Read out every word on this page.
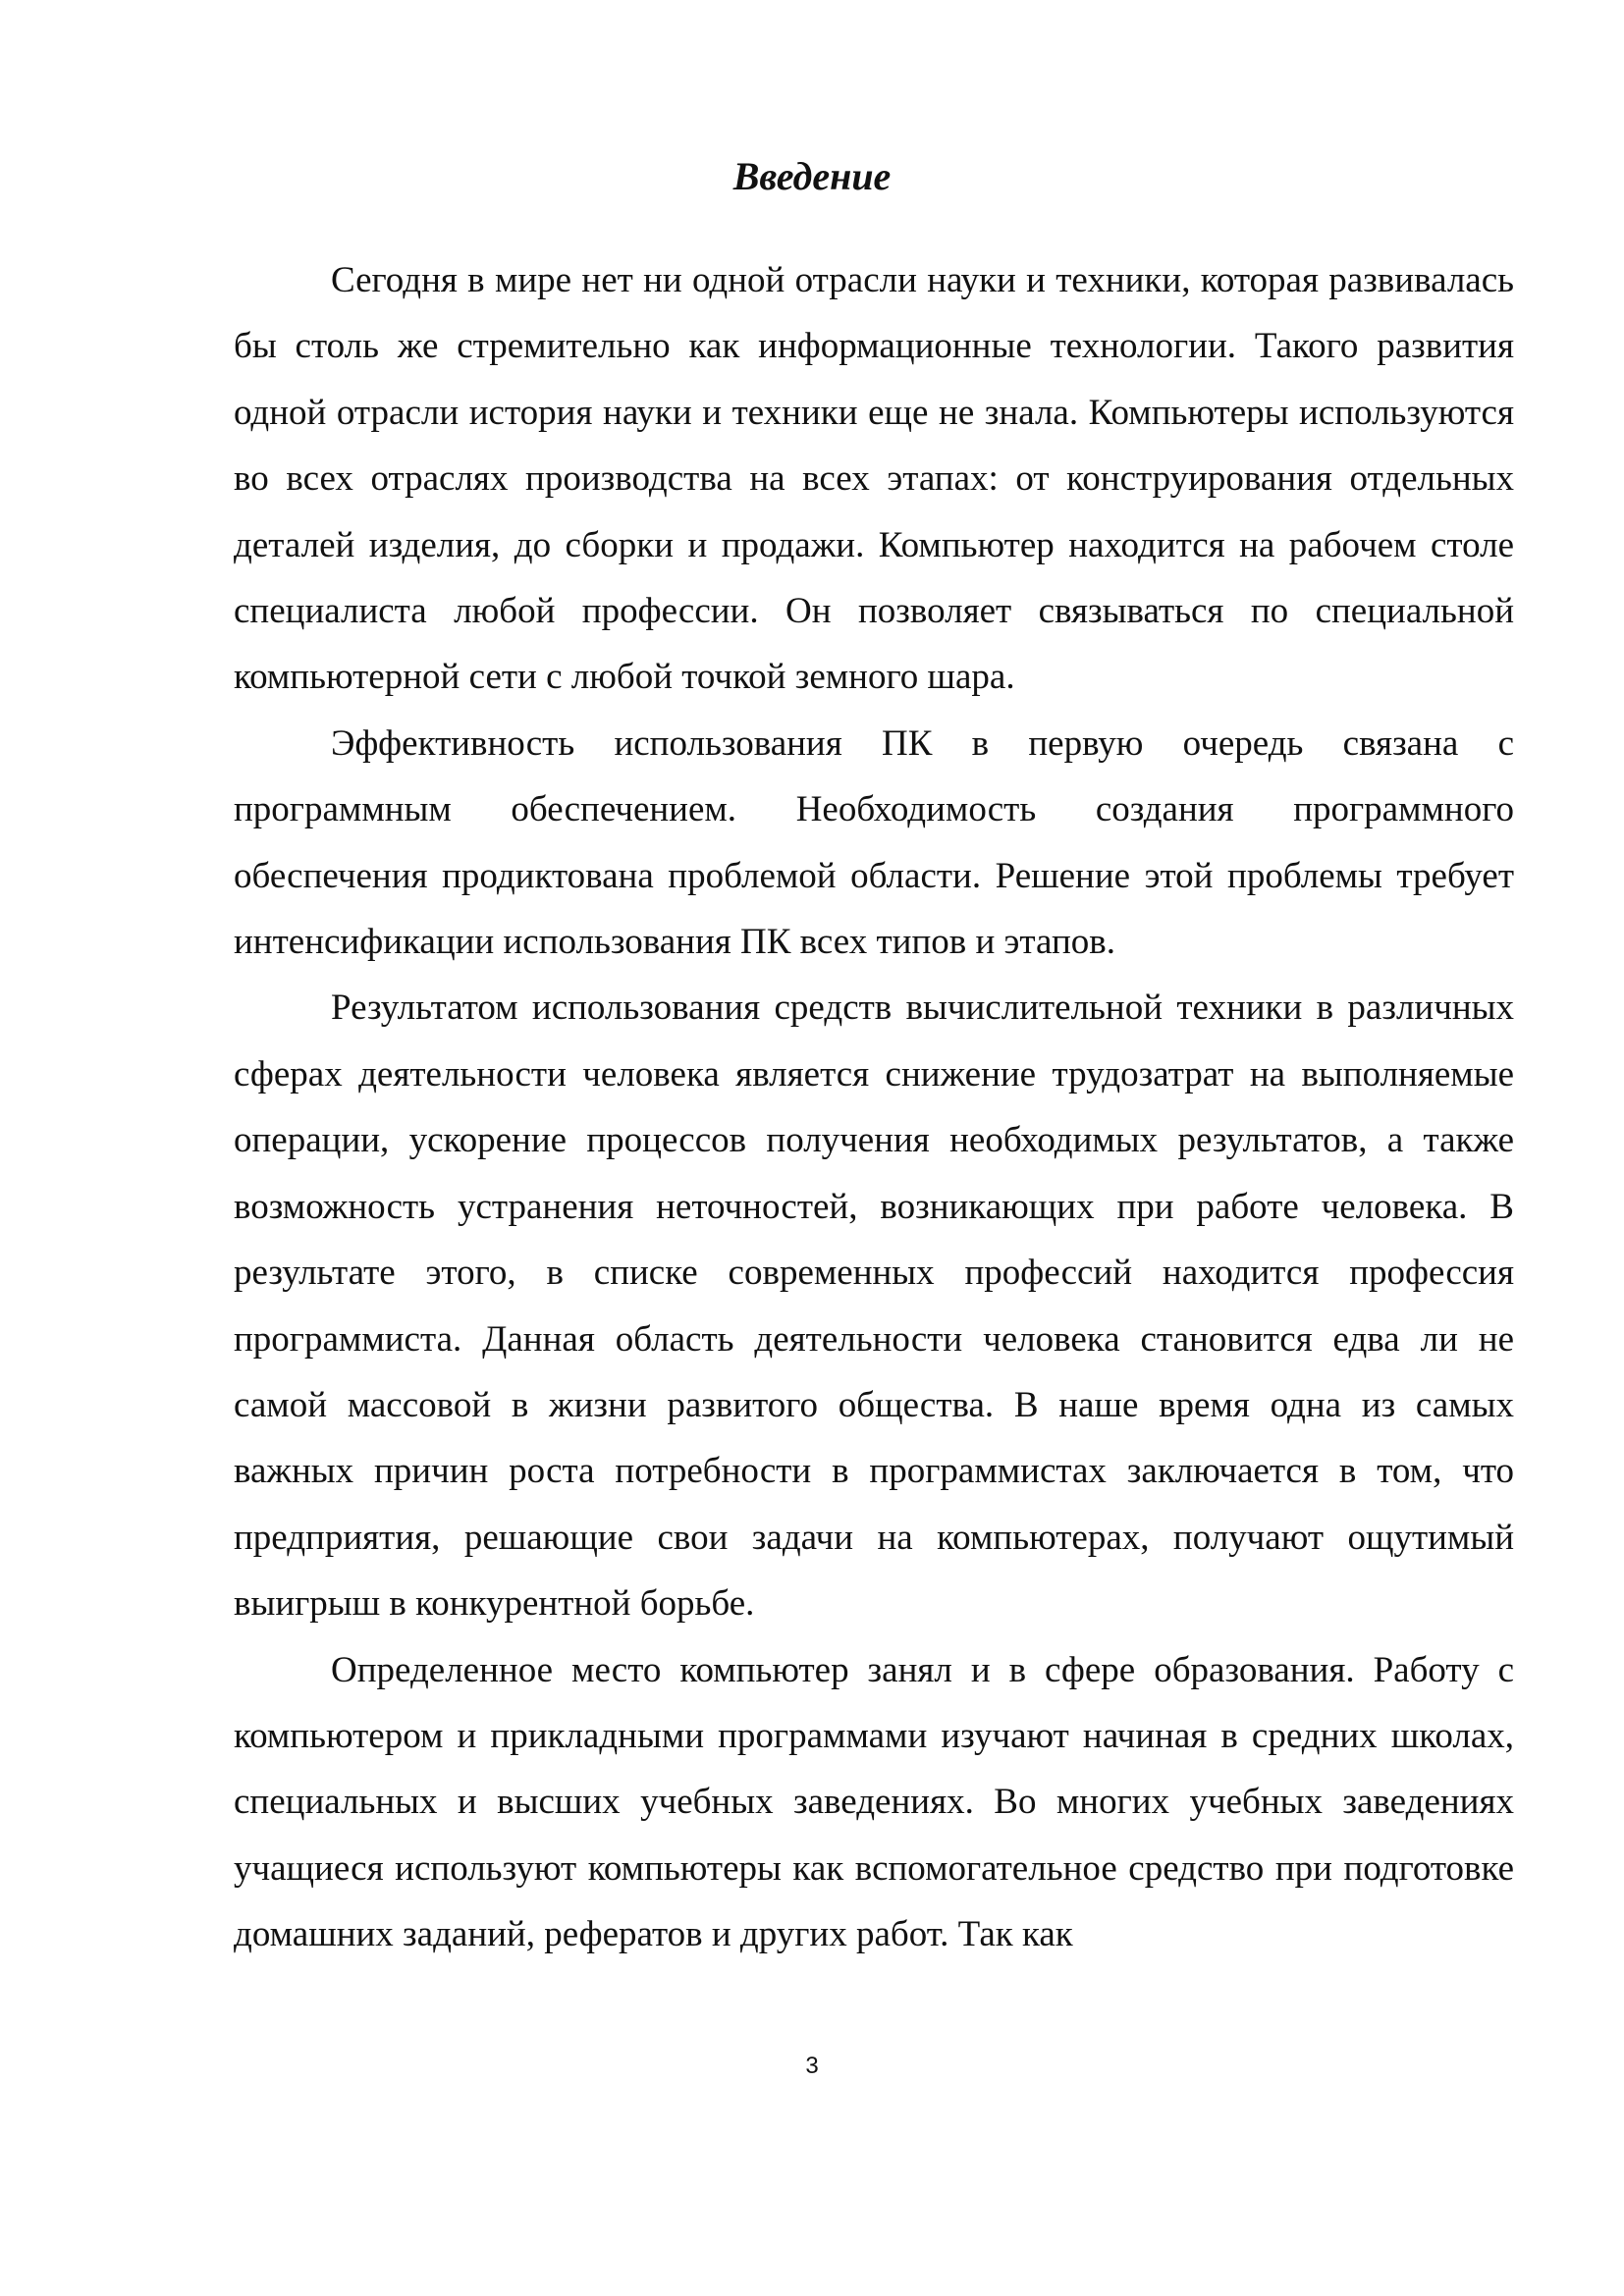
Введение

Сегодня в мире нет ни одной отрасли науки и техники, которая развивалась бы столь же стремительно как информационные технологии. Такого развития одной отрасли история науки и техники еще не знала. Компьютеры используются во всех отраслях производства на всех этапах: от конструирования отдельных деталей изделия, до сборки и продажи. Компьютер находится на рабочем столе специалиста любой профессии. Он позволяет связываться по специальной компьютерной сети с любой точкой земного шара.

Эффективность использования ПК в первую очередь связана с программным обеспечением. Необходимость создания программного обеспечения продиктована проблемой области. Решение этой проблемы требует интенсификации использования ПК всех типов и этапов.

Результатом использования средств вычислительной техники в различных сферах деятельности человека является снижение трудозатрат на выполняемые операции, ускорение процессов получения необходимых результатов, а также возможность устранения неточностей, возникающих при работе человека. В результате этого, в списке современных профессий находится профессия программиста. Данная область деятельности человека становится едва ли не самой массовой в жизни развитого общества. В наше время одна из самых важных причин роста потребности в программистах заключается в том, что предприятия, решающие свои задачи на компьютерах, получают ощутимый выигрыш в конкурентной борьбе.

Определенное место компьютер занял и в сфере образования. Работу с компьютером и прикладными программами изучают начиная в средних школах, специальных и высших учебных заведениях. Во многих учебных заведениях учащиеся используют компьютеры как вспомогательное средство при подготовке домашних заданий, рефератов и других работ. Так как

3
